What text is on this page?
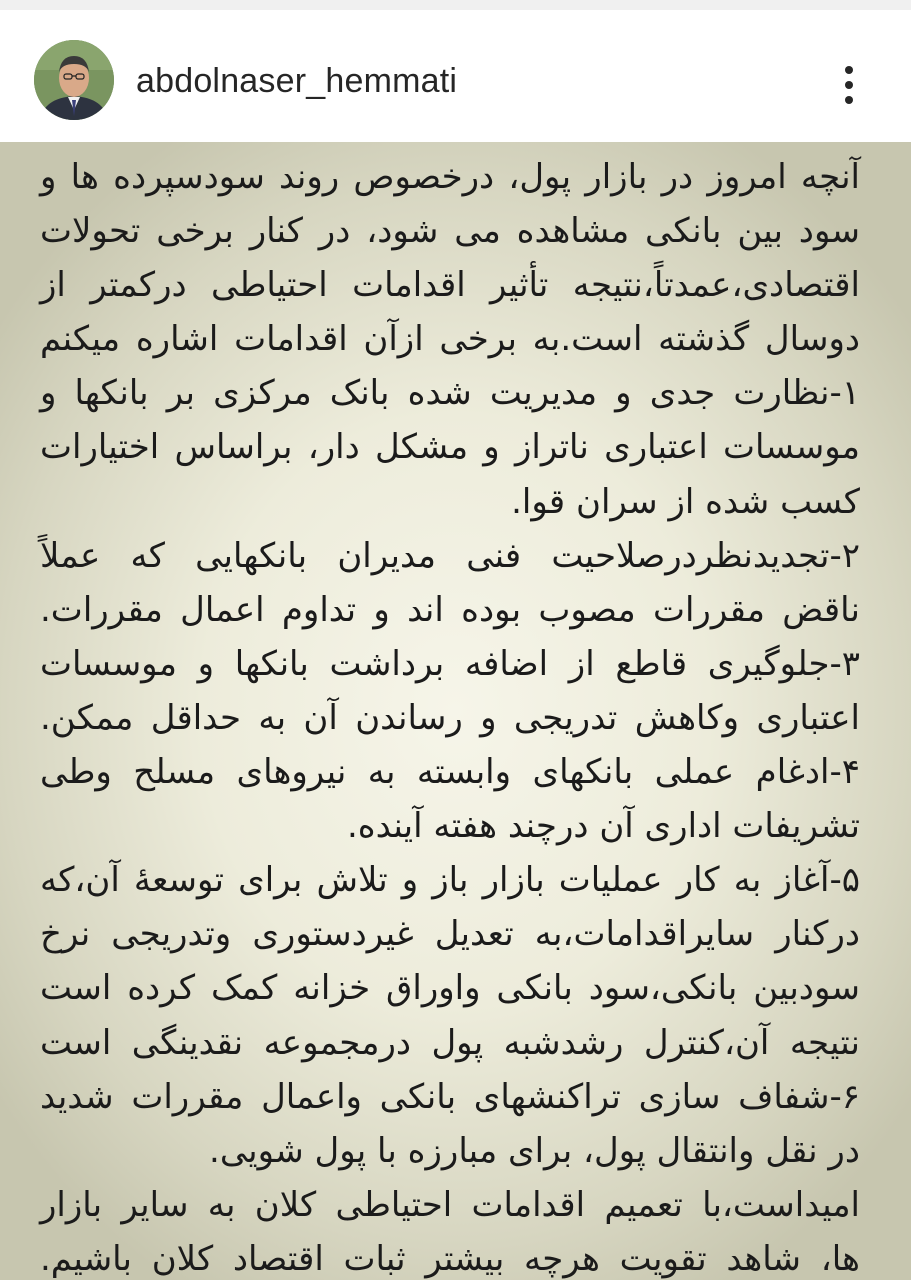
abdolnaser_hemmati
آنچه امروز در بازار پول، درخصوص روند سودسپرده ها و
سود بین بانکی مشاهده می شود، در کنار برخی تحولات
اقتصادی،عمدتاً،نتیجه تأثیر اقدامات احتیاطی درکمتر از
دوسال گذشته است.به برخی ازآن اقدامات اشاره میکنم
۱-نظارت جدی و مدیریت شده بانک مرکزی بر بانکها و
موسسات اعتباری ناتراز و مشکل دار، براساس اختیارات
کسب شده از سران قوا.
۲-تجدیدنظردرصلاحیت فنی مدیران بانکهایی که عملاً
ناقض مقررات مصوب بوده اند و تداوم اعمال مقررات.
۳-جلوگیری قاطع از اضافه برداشت بانکها و موسسات
اعتباری وکاهش تدریجی و رساندن آن به حداقل ممکن.
۴-ادغام عملی بانکهای وابسته به نیروهای مسلح وطی
تشریفات اداری آن درچند هفته آینده.
۵-آغاز به کار عملیات بازار باز و تلاش برای توسعهٔ آن،که
درکنار سایراقدامات،به تعدیل غیردستوری وتدریجی نرخ
سودبین بانکی،سود بانکی واوراق خزانه کمک کرده است
نتیجه آن،کنترل رشدشبه پول درمجموعه نقدینگی است
۶-شفاف سازی تراکنشهای بانکی واعمال مقررات شدید
در نقل وانتقال پول، برای مبارزه با پول شویی.
امیداست،با تعمیم اقدامات احتیاطی کلان به سایر بازار
ها، شاهد تقویت هرچه بیشتر ثبات اقتصاد کلان باشیم.
